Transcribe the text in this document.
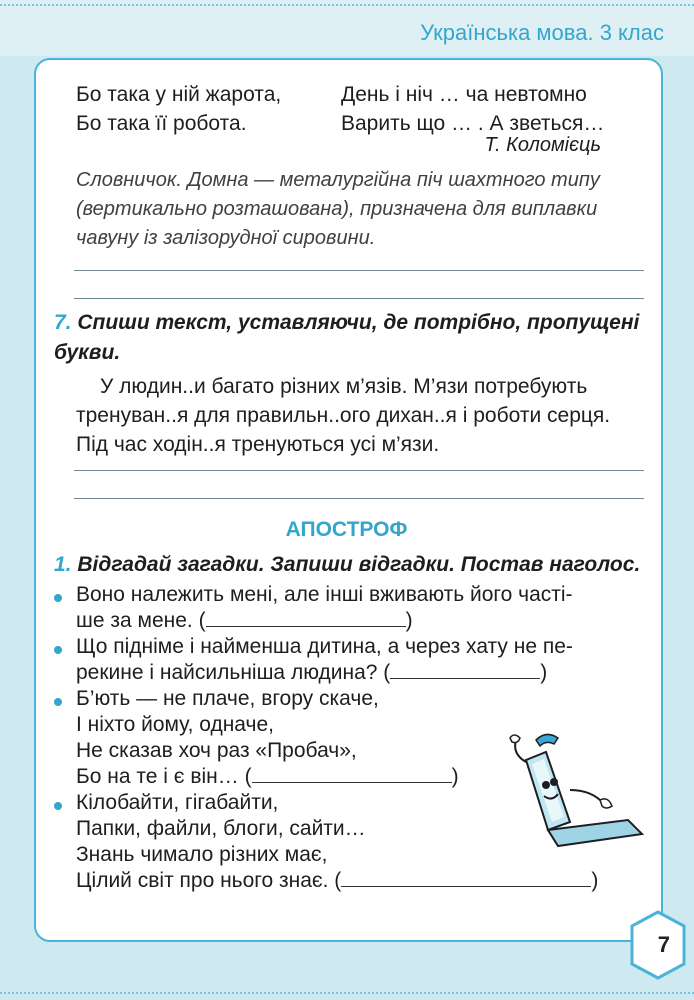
Українська мова. 3 клас
Бо така у ній жарота,
Бо така її робота.
День і ніч … ча невтомно
Варить що … . А зветься…
Т. Коломієць
Словничок. Домна — металургійна піч шахтного типу (вертикально розташована), призначена для виплавки чавуну із залізорудної сировини.
7. Спиши текст, уставляючи, де потрібно, пропущені букви.
У людин..и багато різних м’язів. М’язи потребують
тренуван..я для правильн..ого дихан..я і роботи серця.
Під час ходін..я тренуються усі м’язи.
АПОСТРОФ
1. Відгадай загадки. Запиши відгадки. Постав наголос.
Воно належить мені, але інші вживають його часті-
ше за мене. (	)
Що підніме і найменша дитина, а через хату не пе-
рекине і найсильніша людина? (	)
Б’ють — не плаче, вгору скаче,
І ніхто йому, одначе,
Не сказав хоч раз «Пробач»,
Бо на те і є він… (	)
Кілобайти, гігабайти,
Папки, файли, блоги, сайти…
Знань чимало різних має,
Цілий світ про нього знає. (	)
7
